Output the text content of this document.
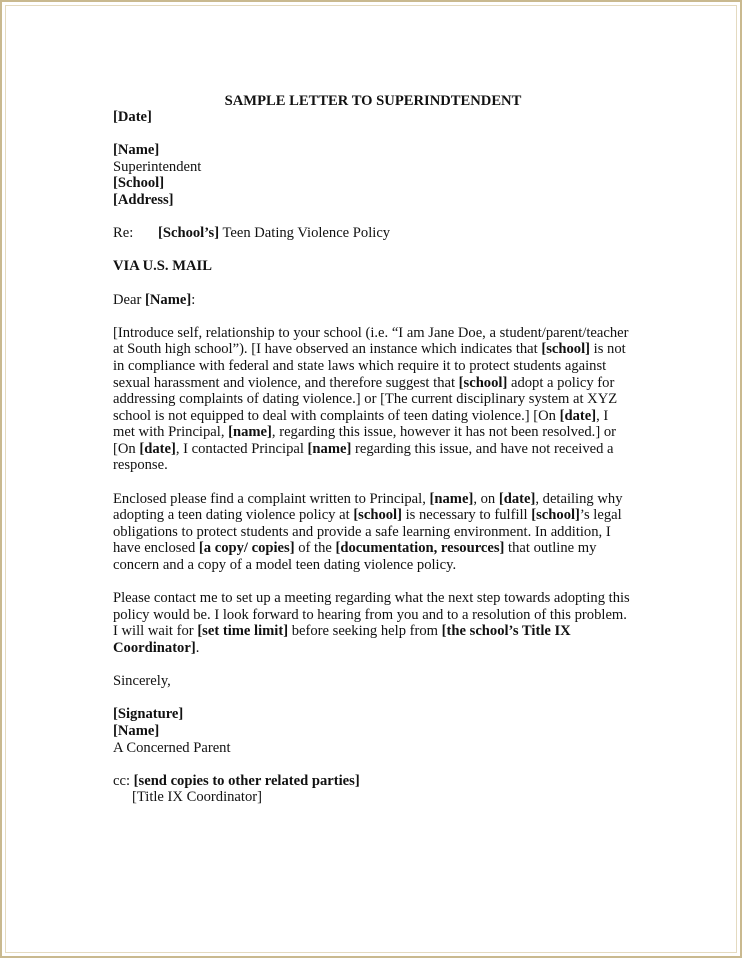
SAMPLE LETTER TO SUPERINDTENDENT

[Date]

[Name]

Superintendent

[School]

[Address]

Re: [School’s] Teen Dating Violence Policy

VIA U.S. MAIL

Dear [Name]:

[Introduce self, relationship to your school (i.e. “I am Jane Doe, a student/parent/teacher at South high school”). [I have observed an instance which indicates that [school] is not in compliance with federal and state laws which require it to protect students against sexual harassment and violence, and therefore suggest that [school] adopt a policy for addressing complaints of dating violence.] or [The current disciplinary system at XYZ school is not equipped to deal with complaints of teen dating violence.] [On [date], I met with Principal, [name], regarding this issue, however it has not been resolved.] or [On [date], I contacted Principal [name] regarding this issue, and have not received a response.

Enclosed please find a complaint written to Principal, [name], on [date], detailing why adopting a teen dating violence policy at [school] is necessary to fulfill [school]’s legal obligations to protect students and provide a safe learning environment. In addition, I have enclosed [a copy/ copies] of the [documentation, resources] that outline my concern and a copy of a model teen dating violence policy.

Please contact me to set up a meeting regarding what the next step towards adopting this policy would be. I look forward to hearing from you and to a resolution of this problem. I will wait for [set time limit] before seeking help from [the school’s Title IX Coordinator].

Sincerely,

[Signature]

[Name]

A Concerned Parent

cc: [send copies to other related parties]

[Title IX Coordinator]
